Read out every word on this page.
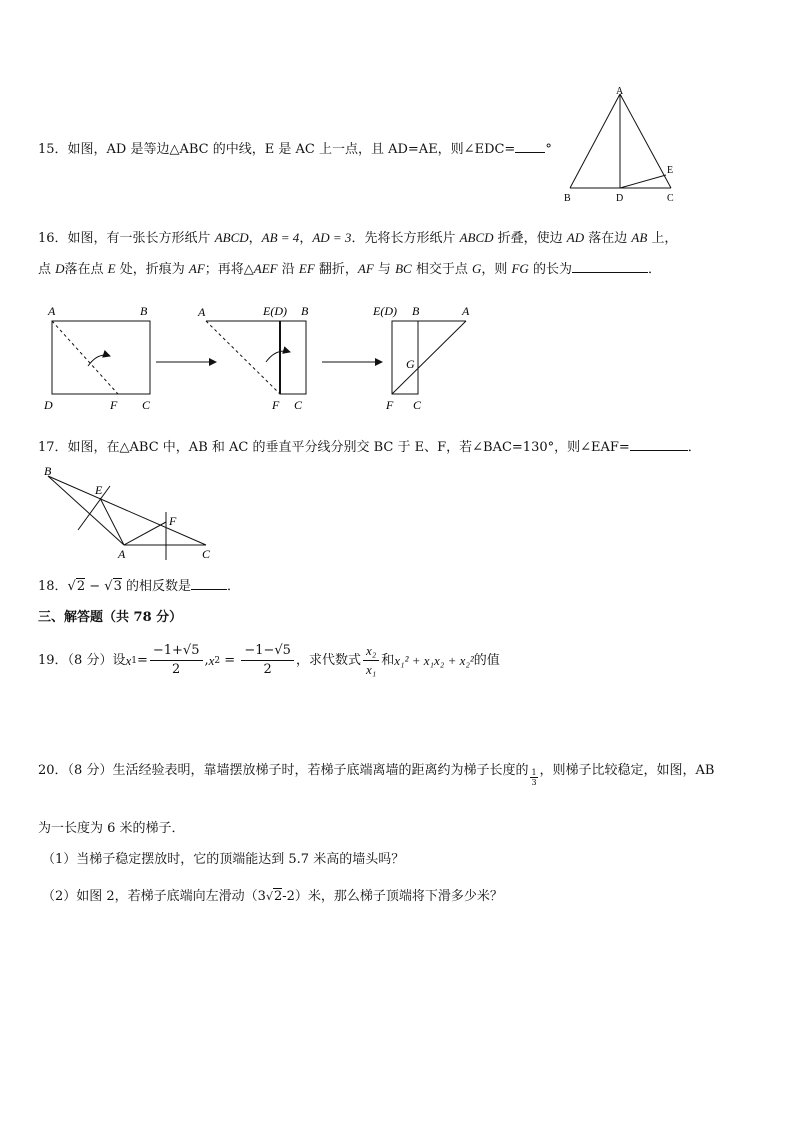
15．如图，AD 是等边△ABC 的中线，E 是 AC 上一点，且 AD=AE，则∠EDC= °
A
B	D	C
E
16．如图，有一张长方形纸片 ABCD，AB = 4，AD = 3．先将长方形纸片 ABCD 折叠，使边 AD 落在边 AB 上，
点 D落在点 E 处，折痕为 AF；再将△AEF 沿 EF 翻折，AF 与 BC 相交于点 G，则 FG 的长为	．
A	B
D	F C
A	E(D) B
F C
E(D) B	A
G
F C
17．如图，在△ABC 中，AB 和 AC 的垂直平分线分别交 BC 于 E、F，若∠BAC=130°，则∠EAF=	．
B
E
F
A	C
18．√2 − √3 的相反数是	．
三、解答题（共 78 分）
19．（8 分）设 x $1 = \frac{-1+√5}{2}$ , x $2 = \frac{-1-√5}{2}$ ，求代数式 $\frac{\text{x₂}}{\text{x₁}}$ 和 x₁² + x₁x₂ + x₂² 的值
20．（8 分）生活经验表明，靠墙摆放梯子时，若梯子底端离墙的距离约为梯子长度的 1
3
，则梯子比较稳定，如图，AB
为一长度为 6 米的梯子．
（1）当梯子稳定摆放时，它的顶端能达到 5.7 米高的墙头吗？
（2）如图 2，若梯子底端向左滑动（3√2-2）米，那么梯子顶端将下滑多少米？
